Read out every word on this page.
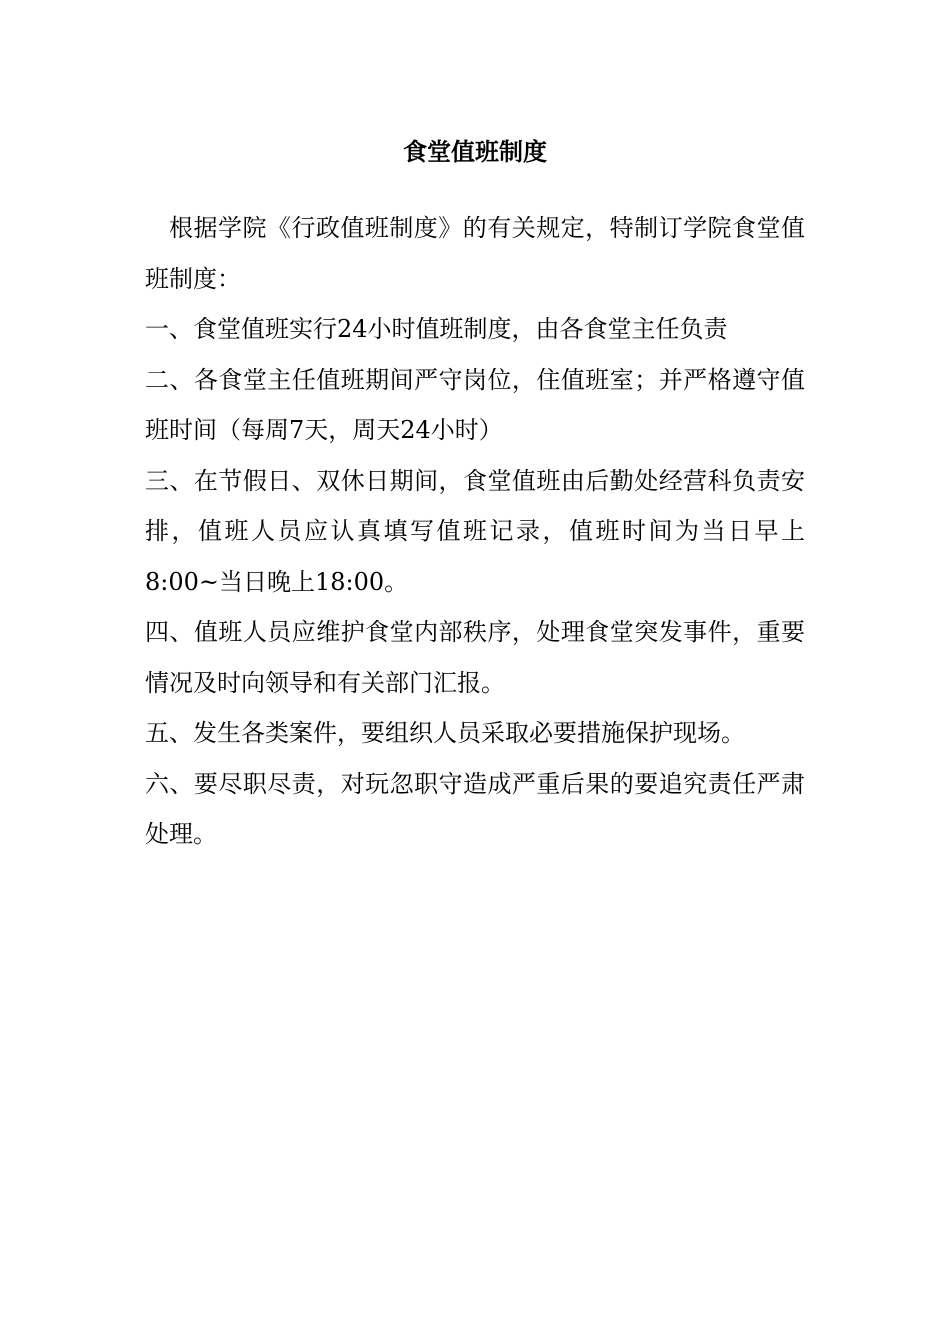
食堂值班制度

根据学院《行政值班制度》的有关规定，特制订学院食堂值班制度：

一、食堂值班实行24小时值班制度，由各食堂主任负责

二、各食堂主任值班期间严守岗位，住值班室；并严格遵守值班时间（每周7天，周天24小时）

三、在节假日、双休日期间，食堂值班由后勤处经营科负责安排，值班人员应认真填写值班记录，值班时间为当日早上8:00~当日晚上18:00。

四、值班人员应维护食堂内部秩序，处理食堂突发事件，重要情况及时向领导和有关部门汇报。

五、发生各类案件，要组织人员采取必要措施保护现场。

六、要尽职尽责，对玩忽职守造成严重后果的要追究责任严肃处理。
